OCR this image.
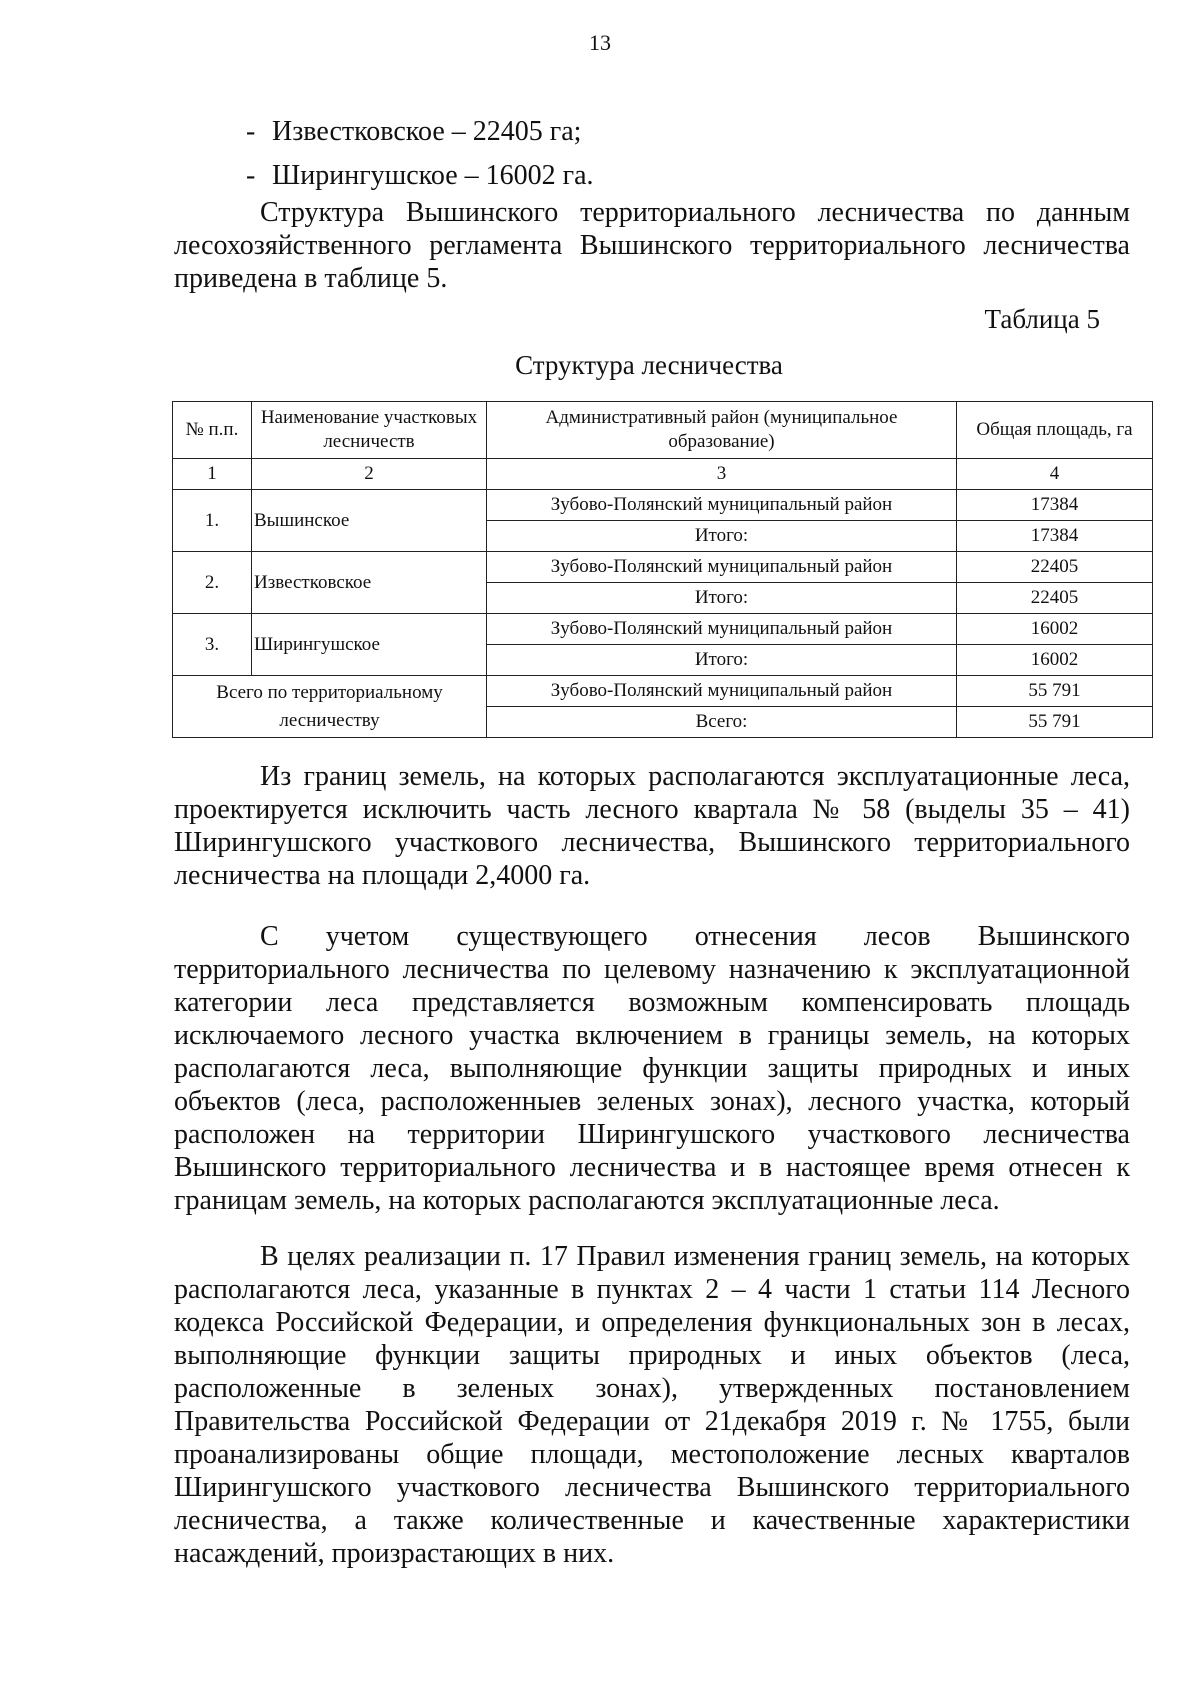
13
- Известковское – 22405 га;
- Ширингушское – 16002 га.

Структура Вышинского территориального лесничества по данным лесохозяйственного регламента Вышинского территориального лесничества приведена в таблице 5.

Таблица 5
Структура лесничества
№ п.п.	Наименование участковых лесничеств	Административный район (муниципальное образование)	Общая площадь, га
1	2	3	4
1.	Вышинское	Зубово-Полянский муниципальный район	17384
		Итого:	17384
2.	Известковское	Зубово-Полянский муниципальный район	22405
		Итого:	22405
3.	Ширингушское	Зубово-Полянский муниципальный район	16002
		Итого:	16002
Всего по территориальному лесничеству		Зубово-Полянский муниципальный район	55 791
		Всего:	55 791

Из границ земель, на которых располагаются эксплуатационные леса, проектируется исключить часть лесного квартала № 58 (выделы 35 – 41) Ширингушского участкового лесничества, Вышинского территориального лесничества на площади 2,4000 га.

С учетом существующего отнесения лесов Вышинского территориального лесничества по целевому назначению к эксплуатационной категории леса представляется возможным компенсировать площадь исключаемого лесного участка включением в границы земель, на которых располагаются леса, выполняющие функции защиты природных и иных объектов (леса, расположенныев зеленых зонах), лесного участка, который расположен на территории Ширингушского участкового лесничества Вышинского территориального лесничества и в настоящее время отнесен к границам земель, на которых располагаются эксплуатационные леса.

В целях реализации п. 17 Правил изменения границ земель, на которых располагаются леса, указанные в пунктах 2 – 4 части 1 статьи 114 Лесного кодекса Российской Федерации, и определения функциональных зон в лесах, выполняющие функции защиты природных и иных объектов (леса, расположенные в зеленых зонах), утвержденных постановлением Правительства Российской Федерации от 21декабря 2019 г. № 1755, были проанализированы общие площади, местоположение лесных кварталов Ширингушского участкового лесничества Вышинского территориального лесничества, а также количественные и качественные характеристики насаждений, произрастающих в них.
